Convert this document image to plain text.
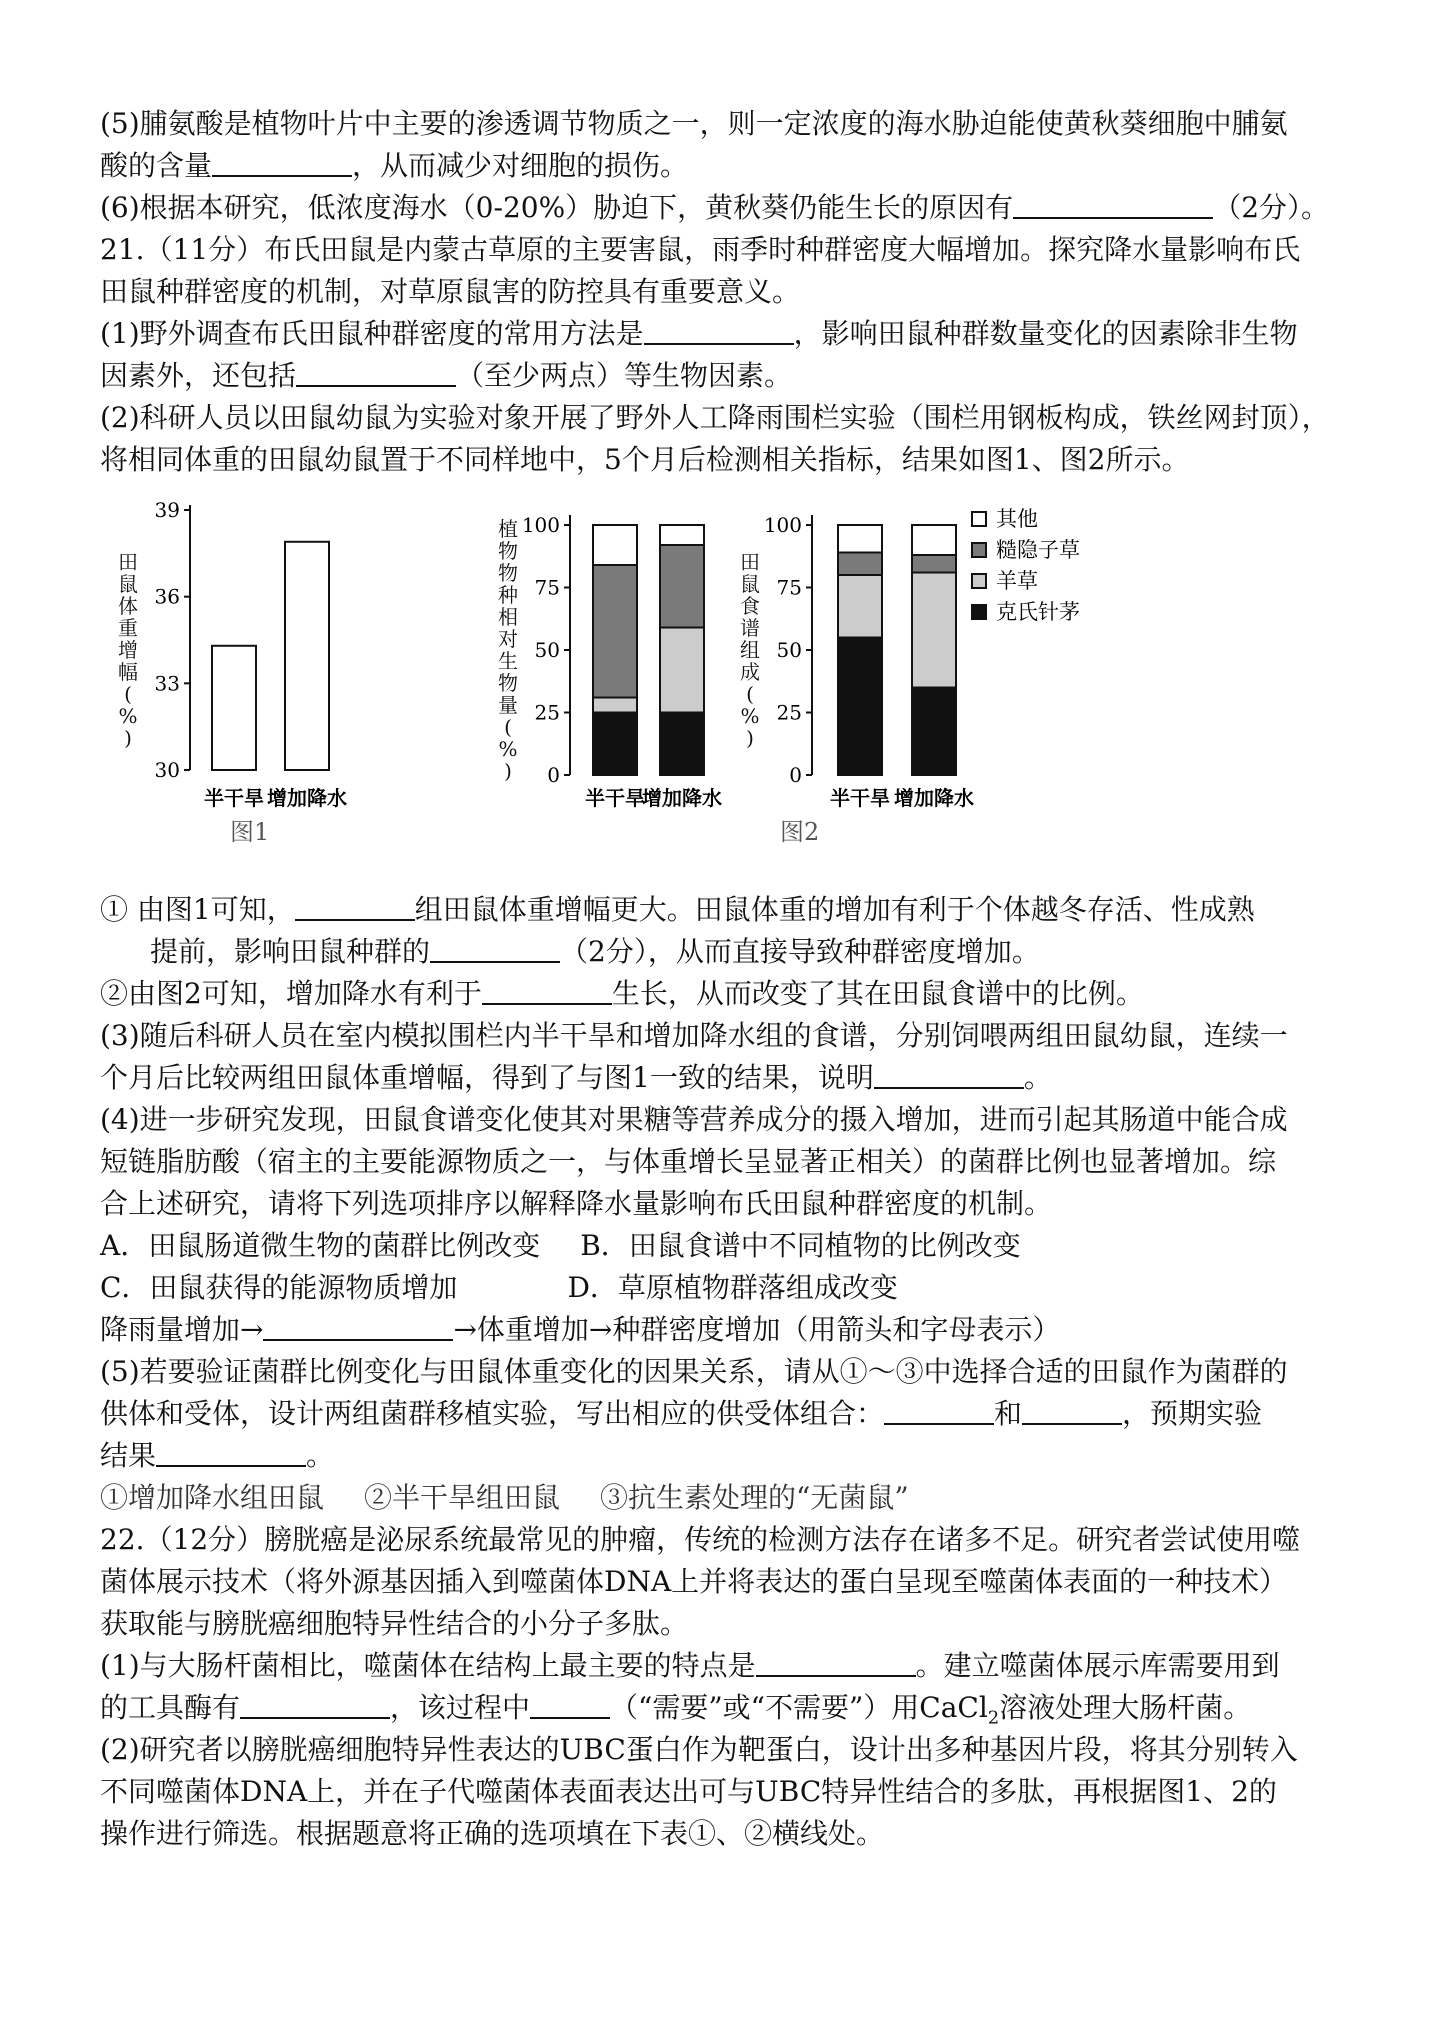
(5)脯氨酸是植物叶片中主要的渗透调节物质之一，则一定浓度的海水胁迫能使黄秋葵细胞中脯氨
酸的含量	，从而减少对细胞的损伤。
(6)根据本研究，低浓度海水（0-20%）胁迫下，黄秋葵仍能生长的原因有	（2分）。
21.（11分）布氏田鼠是内蒙古草原的主要害鼠，雨季时种群密度大幅增加。探究降水量影响布氏
田鼠种群密度的机制，对草原鼠害的防控具有重要意义。
(1)野外调查布氏田鼠种群密度的常用方法是	，影响田鼠种群数量变化的因素除非生物
因素外，还包括	（至少两点）等生物因素。
(2)科研人员以田鼠幼鼠为实验对象开展了野外人工降雨围栏实验（围栏用钢板构成，铁丝网封顶），
将相同体重的田鼠幼鼠置于不同样地中，5个月后检测相关指标，结果如图1、图2所示。
30
33
36
39
半干旱 增加降水
田鼠体重增幅( % )
0
25
50
75
100
半干旱
增加降水
植物物种相对生物量( % )	0
25
50
75
100
半干旱 增加降水
田鼠食谱组成( % )
其他
糙隐子草
羊草
克氏针茅
图1	图2
① 由图1可知，	组田鼠体重增幅更大。田鼠体重的增加有利于个体越冬存活、性成熟
提前，影响田鼠种群的	（2分），从而直接导致种群密度增加。
②由图2可知，增加降水有利于	生长，从而改变了其在田鼠食谱中的比例。
(3)随后科研人员在室内模拟围栏内半干旱和增加降水组的食谱，分别饲喂两组田鼠幼鼠，连续一
个月后比较两组田鼠体重增幅，得到了与图1一致的结果，说明	。
(4)进一步研究发现，田鼠食谱变化使其对果糖等营养成分的摄入增加，进而引起其肠道中能合成
短链脂肪酸（宿主的主要能源物质之一，与体重增长呈显著正相关）的菌群比例也显著增加。综
合上述研究，请将下列选项排序以解释降水量影响布氏田鼠种群密度的机制。
A．田鼠肠道微生物的菌群比例改变 B．田鼠食谱中不同植物的比例改变
C．田鼠获得的能源物质增加	D．草原植物群落组成改变
降雨量增加→	→体重增加→种群密度增加（用箭头和字母表示）
(5)若要验证菌群比例变化与田鼠体重变化的因果关系，请从①～③中选择合适的田鼠作为菌群的
供体和受体，设计两组菌群移植实验，写出相应的供受体组合：	和	，预期实验
结果	。
①增加降水组田鼠 ②半干旱组田鼠 ③抗生素处理的“无菌鼠”
22.（12分）膀胱癌是泌尿系统最常见的肿瘤，传统的检测方法存在诸多不足。研究者尝试使用噬
菌体展示技术（将外源基因插入到噬菌体DNA上并将表达的蛋白呈现至噬菌体表面的一种技术）
获取能与膀胱癌细胞特异性结合的小分子多肽。
(1)与大肠杆菌相比，噬菌体在结构上最主要的特点是	。建立噬菌体展示库需要用到
的工具酶有	，该过程中	（“需要”或“不需要”）用CaCl$_2$溶液处理大肠杆菌。
(2)研究者以膀胱癌细胞特异性表达的UBC蛋白作为靶蛋白，设计出多种基因片段，将其分别转入
不同噬菌体DNA上，并在子代噬菌体表面表达出可与UBC特异性结合的多肽，再根据图1、2的
操作进行筛选。根据题意将正确的选项填在下表①、②横线处。
